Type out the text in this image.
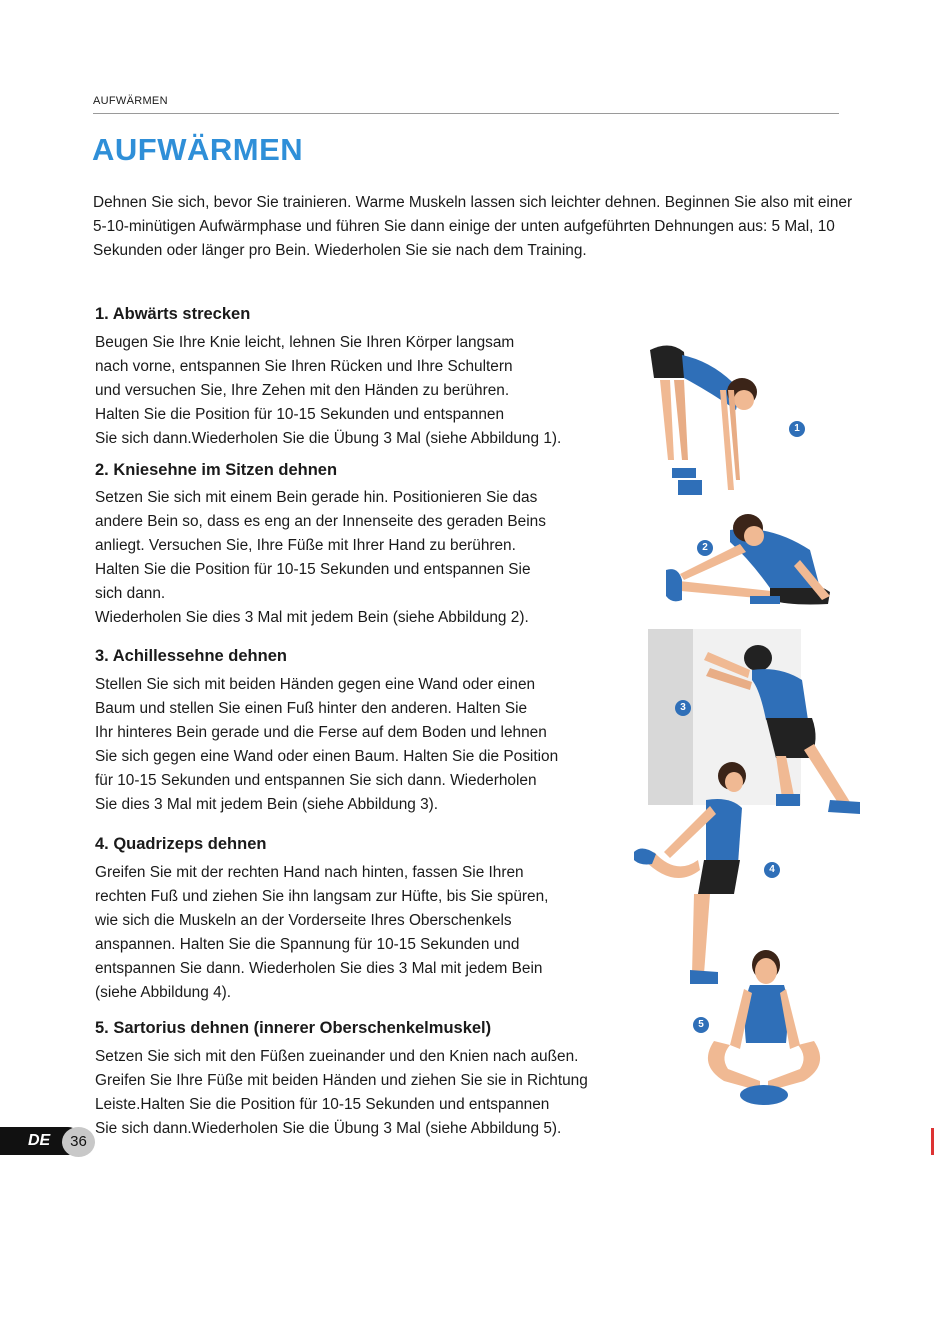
AUFWÄRMEN
AUFWÄRMEN

Dehnen Sie sich, bevor Sie trainieren. Warme Muskeln lassen sich leichter dehnen. Beginnen Sie also mit einer 5-10-minütigen Aufwärmphase und führen Sie dann einige der unten aufgeführten Dehnungen aus: 5 Mal, 10 Sekunden oder länger pro Bein. Wiederholen Sie sie nach dem Training.

1. Abwärts strecken
Beugen Sie Ihre Knie leicht, lehnen Sie Ihren Körper langsam
nach vorne, entspannen Sie Ihren Rücken und Ihre Schultern
und versuchen Sie, Ihre Zehen mit den Händen zu berühren.
Halten Sie die Position für 10-15 Sekunden und entspannen
Sie sich dann.Wiederholen Sie die Übung 3 Mal (siehe Abbildung 1).
2. Kniesehne im Sitzen dehnen
Setzen Sie sich mit einem Bein gerade hin. Positionieren Sie das
andere Bein so, dass es eng an der Innenseite des geraden Beins
anliegt. Versuchen Sie, Ihre Füße mit Ihrer Hand zu berühren.
Halten Sie die Position für 10-15 Sekunden und entspannen Sie
sich dann.
Wiederholen Sie dies 3 Mal mit jedem Bein (siehe Abbildung 2).
3. Achillessehne dehnen
Stellen Sie sich mit beiden Händen gegen eine Wand oder einen
Baum und stellen Sie einen Fuß hinter den anderen. Halten Sie
Ihr hinteres Bein gerade und die Ferse auf dem Boden und lehnen
Sie sich gegen eine Wand oder einen Baum. Halten Sie die Position
für 10-15 Sekunden und entspannen Sie sich dann. Wiederholen
Sie dies 3 Mal mit jedem Bein (siehe Abbildung 3).
4. Quadrizeps dehnen
Greifen Sie mit der rechten Hand nach hinten, fassen Sie Ihren
rechten Fuß und ziehen Sie ihn langsam zur Hüfte, bis Sie spüren,
wie sich die Muskeln an der Vorderseite Ihres Oberschenkels
anspannen. Halten Sie die Spannung für 10-15 Sekunden und
entspannen Sie dann. Wiederholen Sie dies 3 Mal mit jedem Bein
(siehe Abbildung 4).
5. Sartorius dehnen (innerer Oberschenkelmuskel)
Setzen Sie sich mit den Füßen zueinander und den Knien nach außen.
Greifen Sie Ihre Füße mit beiden Händen und ziehen Sie sie in Richtung
Leiste.Halten Sie die Position für 10-15 Sekunden und entspannen
Sie sich dann.Wiederholen Sie die Übung 3 Mal (siehe Abbildung 5).
1
2
3
4
5
DE	36
